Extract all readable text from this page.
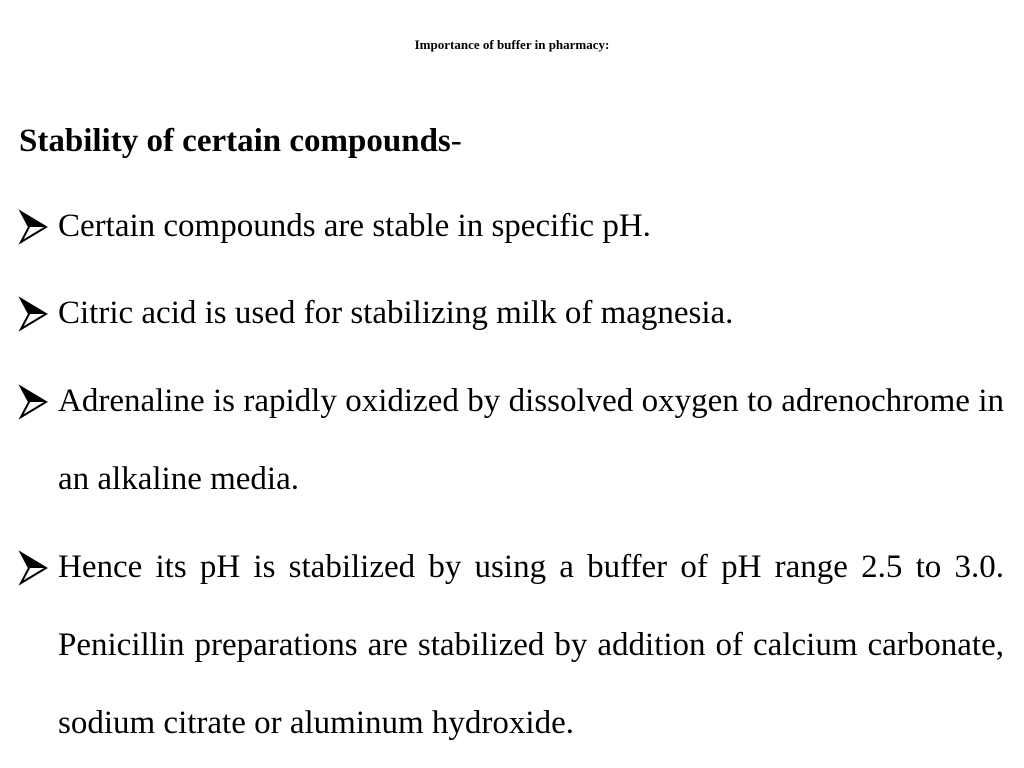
Importance of buffer in pharmacy:
Stability of certain compounds-
Certain compounds are stable in specific pH.
Citric acid is used for stabilizing milk of magnesia.
Adrenaline is rapidly oxidized by dissolved oxygen to adrenochrome in an alkaline media.
Hence its pH is stabilized by using a buffer of pH range 2.5 to 3.0. Penicillin preparations are stabilized by addition of calcium carbonate, sodium citrate or aluminum hydroxide.
